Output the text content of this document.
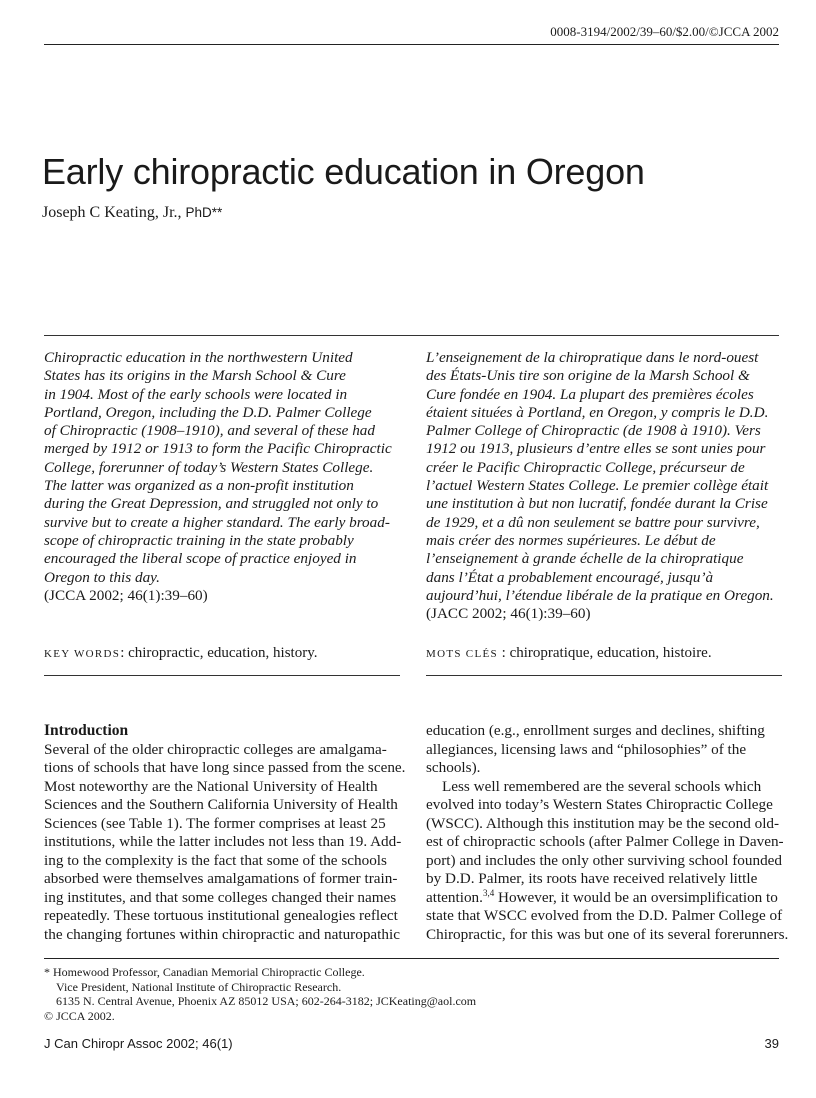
0008-3194/2002/39–60/$2.00/©JCCA 2002
Early chiropractic education in Oregon
Joseph C Keating, Jr., PhD**

Chiropractic education in the northwestern United
States has its origins in the Marsh School & Cure
in 1904. Most of the early schools were located in
Portland, Oregon, including the D.D. Palmer College
of Chiropractic (1908–1910), and several of these had
merged by 1912 or 1913 to form the Pacific Chiropractic
College, forerunner of today’s Western States College.
The latter was organized as a non-profit institution
during the Great Depression, and struggled not only to
survive but to create a higher standard. The early broad-
scope of chiropractic training in the state probably
encouraged the liberal scope of practice enjoyed in
Oregon to this day.
(JCCA 2002; 46(1):39–60)

L’enseignement de la chiropratique dans le nord-ouest
des États-Unis tire son origine de la Marsh School &
Cure fondée en 1904. La plupart des premières écoles
étaient situées à Portland, en Oregon, y compris le D.D.
Palmer College of Chiropractic (de 1908 à 1910). Vers
1912 ou 1913, plusieurs d’entre elles se sont unies pour
créer le Pacific Chiropractic College, précurseur de
l’actuel Western States College. Le premier collège était
une institution à but non lucratif, fondée durant la Crise
de 1929, et a dû non seulement se battre pour survivre,
mais créer des normes supérieures. Le début de
l’enseignement à grande échelle de la chiropratique
dans l’État a probablement encouragé, jusqu’à
aujourd’hui, l’étendue libérale de la pratique en Oregon.
(JACC 2002; 46(1):39–60)

KEY WORDS: chiropractic, education, history.	MOTS CLÉS : chiropratique, education, histoire.
Introduction
Several of the older chiropractic colleges are amalgama-
tions of schools that have long since passed from the scene.
Most noteworthy are the National University of Health
Sciences and the Southern California University of Health
Sciences (see Table 1). The former comprises at least 25
institutions, while the latter includes not less than 19. Add-
ing to the complexity is the fact that some of the schools
absorbed were themselves amalgamations of former train-
ing institutes, and that some colleges changed their names
repeatedly. These tortuous institutional genealogies reflect
the changing fortunes within chiropractic and naturopathic
education (e.g., enrollment surges and declines, shifting
allegiances, licensing laws and “philosophies” of the
schools).
Less well remembered are the several schools which
evolved into today’s Western States Chiropractic College
(WSCC). Although this institution may be the second old-
est of chiropractic schools (after Palmer College in Daven-
port) and includes the only other surviving school founded
by D.D. Palmer, its roots have received relatively little
attention.$^{3,4}$ However, it would be an oversimplification to
state that WSCC evolved from the D.D. Palmer College of
Chiropractic, for this was but one of its several forerunners.
* Homewood Professor, Canadian Memorial Chiropractic College.
Vice President, National Institute of Chiropractic Research.
6135 N. Central Avenue, Phoenix AZ 85012 USA; 602-264-3182; JCKeating@aol.com
© JCCA 2002.
J Can Chiropr Assoc 2002; 46(1)	39
